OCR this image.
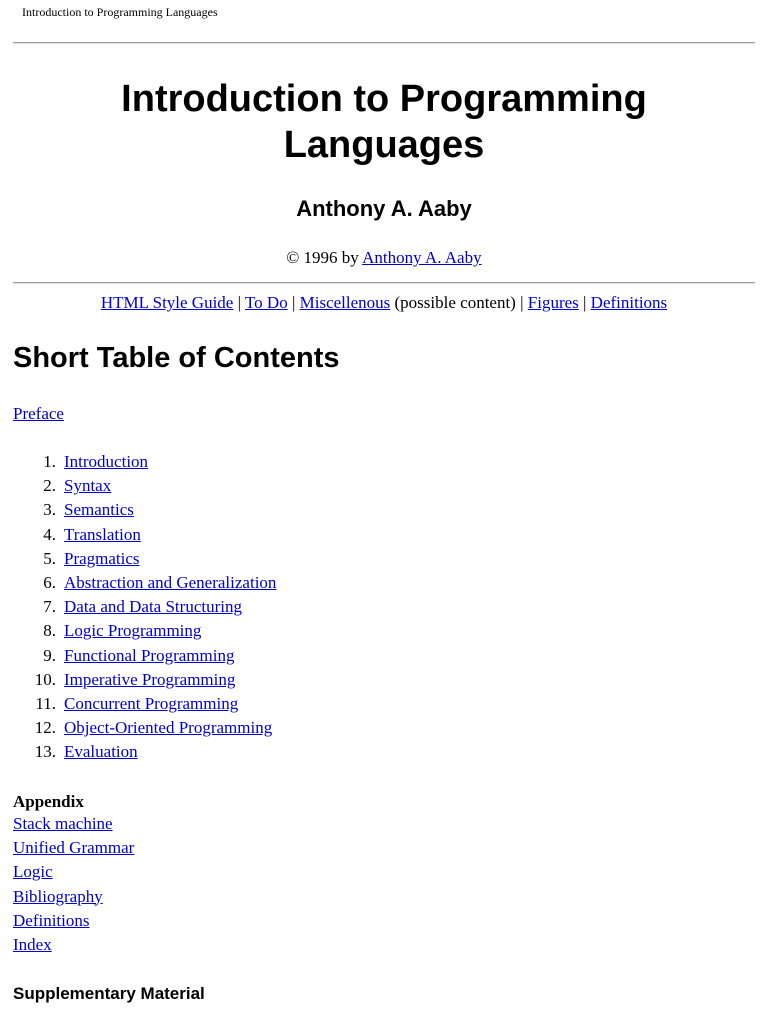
Introduction to Programming Languages
Introduction to Programming
Languages
Anthony A. Aaby
© 1996 by Anthony A. Aaby
HTML Style Guide | To Do | Miscellenous (possible content) | Figures | Definitions
Short Table of Contents
Preface
1. Introduction
2. Syntax
3. Semantics
4. Translation
5. Pragmatics
6. Abstraction and Generalization
7. Data and Data Structuring
8. Logic Programming
9. Functional Programming
10. Imperative Programming
11. Concurrent Programming
12. Object-Oriented Programming
13. Evaluation
Appendix
Stack machine
Unified Grammar
Logic
Bibliography
Definitions
Index
Supplementary Material
